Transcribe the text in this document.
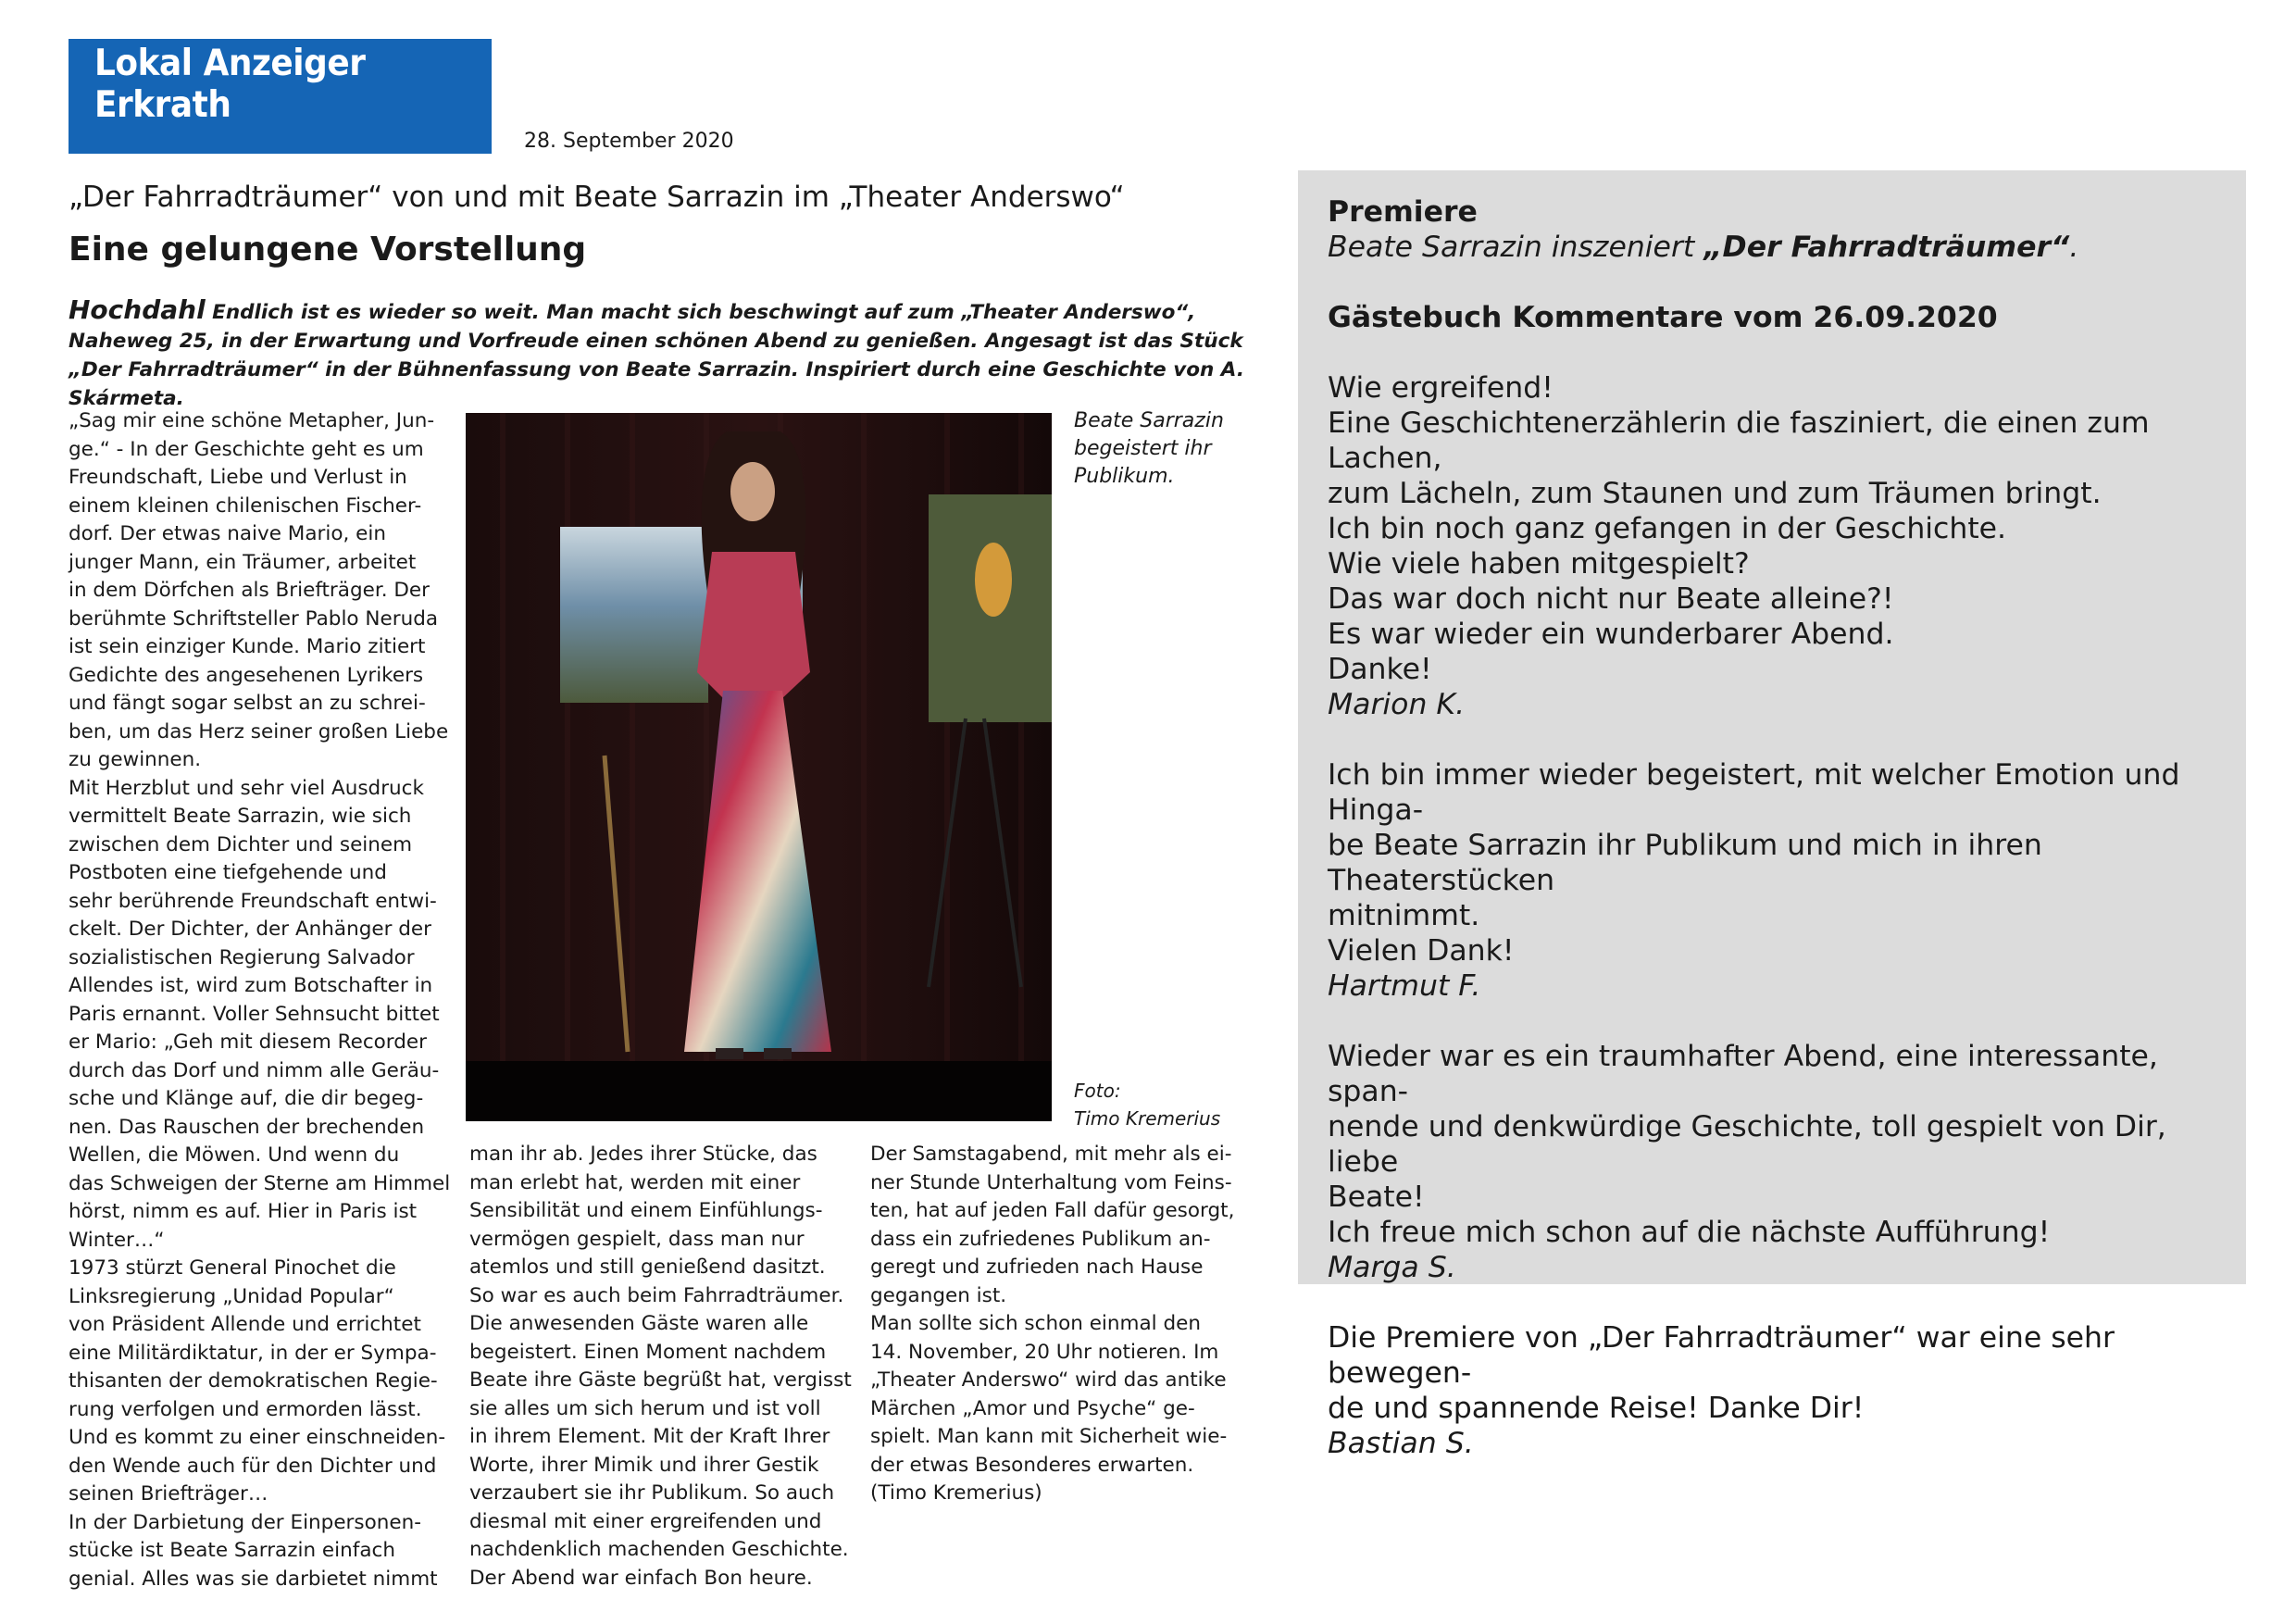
Lokal Anzeiger Erkrath
28. September 2020
„Der Fahrradträumer“ von und mit Beate Sarrazin im „Theater Anderswo“
Eine gelungene Vorstellung
Hochdahl Endlich ist es wieder so weit. Man macht sich beschwingt auf zum „Theater Anderswo“, Naheweg 25, in der Erwartung und Vorfreude einen schönen Abend zu genießen. Angesagt ist das Stück „Der Fahrradträumer“ in der Bühnenfassung von Beate Sarrazin. Inspiriert durch eine Geschichte von A. Skármeta.
„Sag mir eine schöne Metapher, Jun-
ge.“ - In der Geschichte geht es um
Freundschaft, Liebe und Verlust in
einem kleinen chilenischen Fischer-
dorf. Der etwas naive Mario, ein
junger Mann, ein Träumer, arbeitet
in dem Dörfchen als Briefträger. Der
berühmte Schriftsteller Pablo Neruda
ist sein einziger Kunde. Mario zitiert
Gedichte des angesehenen Lyrikers
und fängt sogar selbst an zu schrei-
ben, um das Herz seiner großen Liebe
zu gewinnen.
Mit Herzblut und sehr viel Ausdruck
vermittelt Beate Sarrazin, wie sich
zwischen dem Dichter und seinem
Postboten eine tiefgehende und
sehr berührende Freundschaft entwi-
ckelt. Der Dichter, der Anhänger der
sozialistischen Regierung Salvador
Allendes ist, wird zum Botschafter in
Paris ernannt. Voller Sehnsucht bittet
er Mario: „Geh mit diesem Recorder
durch das Dorf und nimm alle Geräu-
sche und Klänge auf, die dir begeg-
nen. Das Rauschen der brechenden
Wellen, die Möwen. Und wenn du
das Schweigen der Sterne am Himmel
hörst, nimm es auf. Hier in Paris ist
Winter…“
1973 stürzt General Pinochet die
Linksregierung „Unidad Popular“
von Präsident Allende und errichtet
eine Militärdiktatur, in der er Sympa-
thisanten der demokratischen Regie-
rung verfolgen und ermorden lässt.
Und es kommt zu einer einschneiden-
den Wende auch für den Dichter und
seinen Briefträger…
In der Darbietung der Einpersonen-
stücke ist Beate Sarrazin einfach
genial. Alles was sie darbietet nimmt
Beate Sarrazin
begeistert ihr
Publikum.
Foto:
Timo Kremerius
man ihr ab. Jedes ihrer Stücke, das
man erlebt hat, werden mit einer
Sensibilität und einem Einfühlungs-
vermögen gespielt, dass man nur
atemlos und still genießend dasitzt.
So war es auch beim Fahrradträumer.
Die anwesenden Gäste waren alle
begeistert. Einen Moment nachdem
Beate ihre Gäste begrüßt hat, vergisst
sie alles um sich herum und ist voll
in ihrem Element. Mit der Kraft Ihrer
Worte, ihrer Mimik und ihrer Gestik
verzaubert sie ihr Publikum. So auch
diesmal mit einer ergreifenden und
nachdenklich machenden Geschichte.
Der Abend war einfach Bon heure.
Der Samstagabend, mit mehr als ei-
ner Stunde Unterhaltung vom Feins-
ten, hat auf jeden Fall dafür gesorgt,
dass ein zufriedenes Publikum an-
geregt und zufrieden nach Hause
gegangen ist.
Man sollte sich schon einmal den
14. November, 20 Uhr notieren. Im
„Theater Anderswo“ wird das antike
Märchen „Amor und Psyche“ ge-
spielt. Man kann mit Sicherheit wie-
der etwas Besonderes erwarten.
(Timo Kremerius)
Premiere
Beate Sarrazin inszeniert „Der Fahrradträumer“.
Gästebuch Kommentare vom 26.09.2020
Wie ergreifend!
Eine Geschichtenerzählerin die fasziniert, die einen zum Lachen,
zum Lächeln, zum Staunen und zum Träumen bringt.
Ich bin noch ganz gefangen in der Geschichte.
Wie viele haben mitgespielt?
Das war doch nicht nur Beate alleine?!
Es war wieder ein wunderbarer Abend.
Danke!
Marion K.
Ich bin immer wieder begeistert, mit welcher Emotion und Hinga-
be Beate Sarrazin ihr Publikum und mich in ihren Theaterstücken
mitnimmt.
Vielen Dank!
Hartmut F.
Wieder war es ein traumhafter Abend, eine interessante, span-
nende und denkwürdige Geschichte, toll gespielt von Dir, liebe
Beate!
Ich freue mich schon auf die nächste Aufführung!
Marga S.
Die Premiere von „Der Fahrradträumer“ war eine sehr bewegen-
de und spannende Reise! Danke Dir!
Bastian S.
